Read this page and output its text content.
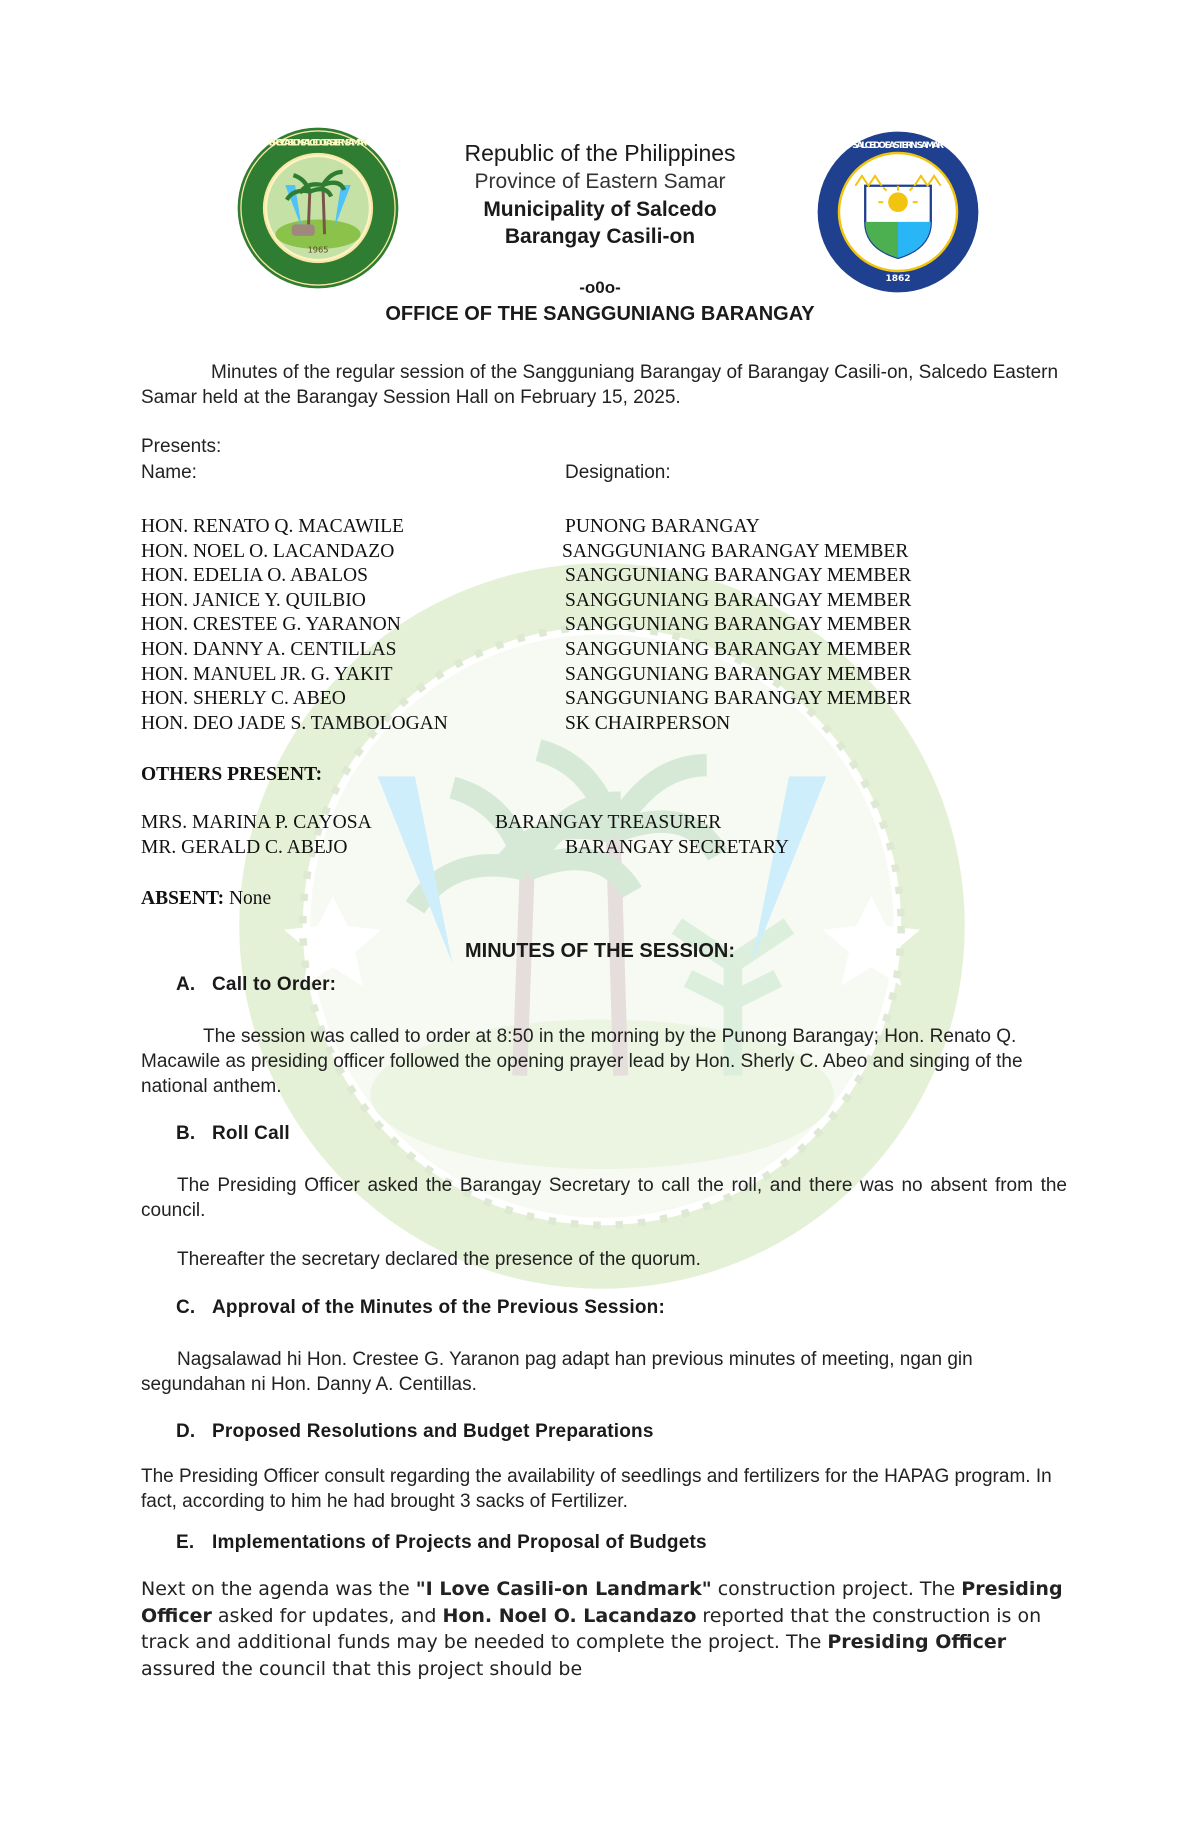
1965
BRGY. CASILI-ON · SALCEDO EASTERN SAMAR
1862
SALCEDO EASTERN SAMAR
Republic of the Philippines
Province of Eastern Samar
Municipality of Salcedo
Barangay Casili-on
-o0o-
OFFICE OF THE SANGGUNIANG BARANGAY
Minutes of the regular session of the Sangguniang Barangay of Barangay Casili-on, Salcedo Eastern Samar held at the Barangay Session Hall on February 15, 2025.
Presents:
Name:	Designation:
HON. RENATO Q. MACAWILE	PUNONG BARANGAY
HON. NOEL O. LACANDAZO	SANGGUNIANG BARANGAY MEMBER
HON. EDELIA O. ABALOS	SANGGUNIANG BARANGAY MEMBER
HON. JANICE Y. QUILBIO	SANGGUNIANG BARANGAY MEMBER
HON. CRESTEE G. YARANON	SANGGUNIANG BARANGAY MEMBER
HON. DANNY A. CENTILLAS	SANGGUNIANG BARANGAY MEMBER
HON. MANUEL JR. G. YAKIT	SANGGUNIANG BARANGAY MEMBER
HON. SHERLY C. ABEO	SANGGUNIANG BARANGAY MEMBER
HON. DEO JADE S. TAMBOLOGAN	SK CHAIRPERSON
OTHERS PRESENT:
MRS. MARINA P. CAYOSA	BARANGAY TREASURER
MR. GERALD C. ABEJO	BARANGAY SECRETARY
ABSENT: None
MINUTES OF THE SESSION:
A. Call to Order:
The session was called to order at 8:50 in the morning by the Punong Barangay; Hon. Renato Q. Macawile as presiding officer followed the opening prayer lead by Hon. Sherly C. Abeo and singing of the national anthem.
B. Roll Call
The Presiding Officer asked the Barangay Secretary to call the roll, and there was no absent from the council.
Thereafter the secretary declared the presence of the quorum.
C. Approval of the Minutes of the Previous Session:
Nagsalawad hi Hon. Crestee G. Yaranon pag adapt han previous minutes of meeting, ngan gin segundahan ni Hon. Danny A. Centillas.
D. Proposed Resolutions and Budget Preparations
The Presiding Officer consult regarding the availability of seedlings and fertilizers for the HAPAG program. In fact, according to him he had brought 3 sacks of Fertilizer.
E. Implementations of Projects and Proposal of Budgets
Next on the agenda was the "I Love Casili-on Landmark" construction project. The Presiding Officer asked for updates, and Hon. Noel O. Lacandazo reported that the construction is on track and additional funds may be needed to complete the project. The Presiding Officer assured the council that this project should be
